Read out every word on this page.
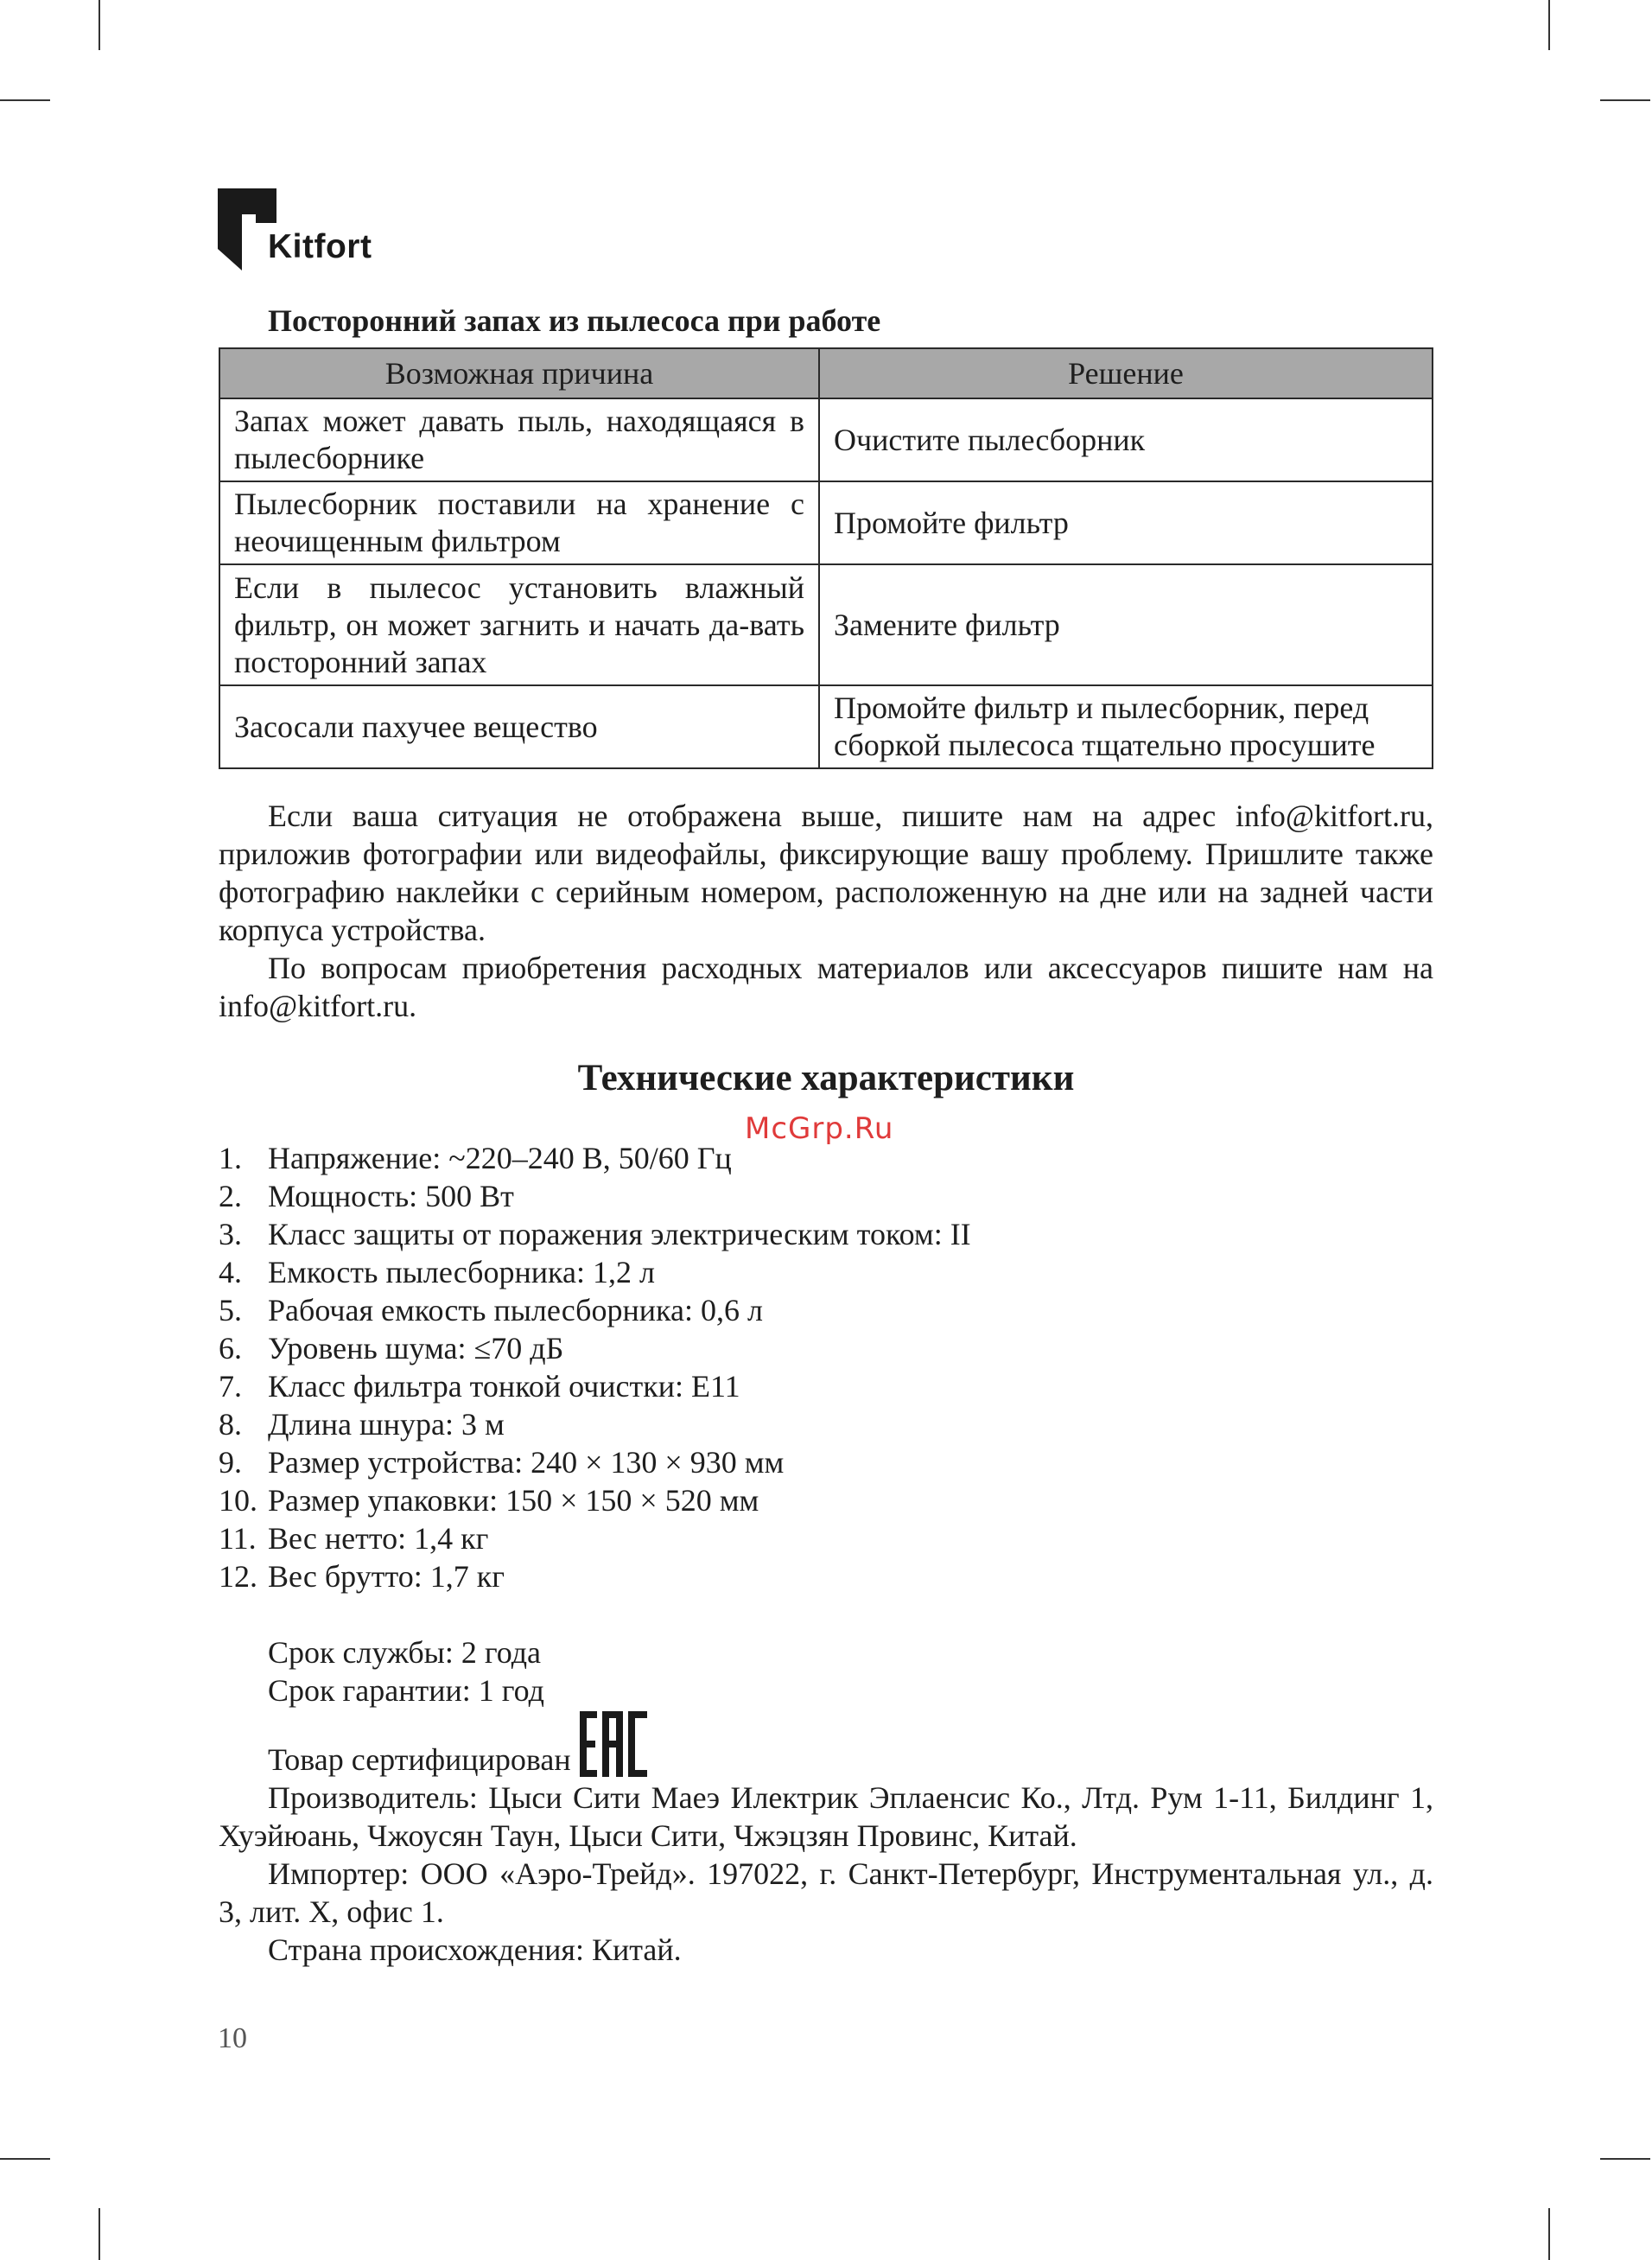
Kitfort
Посторонний запах из пылесоса при работе
Возможная причина	Решение
Запах может давать пыль, находящаяся в пылесборнике	Очистите пылесборник
Пылесборник поставили на хранение с неочищенным фильтром	Промойте фильтр
Если в пылесос установить влажный фильтр, он может загнить и начать да-вать посторонний запах	Замените фильтр
Засосали пахучее вещество	Промойте фильтр и пылесборник, перед сборкой пылесоса тщательно просушите
Если ваша ситуация не отображена выше, пишите нам на адрес info@kitfort.ru, приложив фотографии или видеофайлы, фиксирующие вашу проблему. Пришлите также фотографию наклейки с серийным номером, расположенную на дне или на задней части корпуса устройства.
По вопросам приобретения расходных материалов или аксессуаров пишите нам на info@kitfort.ru.
Технические характеристики
McGrp.Ru
1. Напряжение: ~220–240 В, 50/60 Гц
2. Мощность: 500 Вт
3. Класс защиты от поражения электрическим током: II
4. Емкость пылесборника: 1,2 л
5. Рабочая емкость пылесборника: 0,6 л
6. Уровень шума: ≤70 дБ
7. Класс фильтра тонкой очистки: E11
8. Длина шнура: 3 м
9. Размер устройства: 240 × 130 × 930 мм
10. Размер упаковки: 150 × 150 × 520 мм
11. Вес нетто: 1,4 кг
12. Вес брутто: 1,7 кг
Срок службы: 2 года
Срок гарантии: 1 год
Товар сертифицирован
Производитель: Цыси Сити Маеэ Илектрик Эплаенсис Ко., Лтд. Рум 1-11, Билдинг 1, Хуэйюань, Чжоусян Таун, Цыси Сити, Чжэцзян Провинс, Китай.
Импортер: ООО «Аэро-Трейд». 197022, г. Санкт-Петербург, Инструментальная ул., д. 3, лит. Х, офис 1.
Страна происхождения: Китай.
10
